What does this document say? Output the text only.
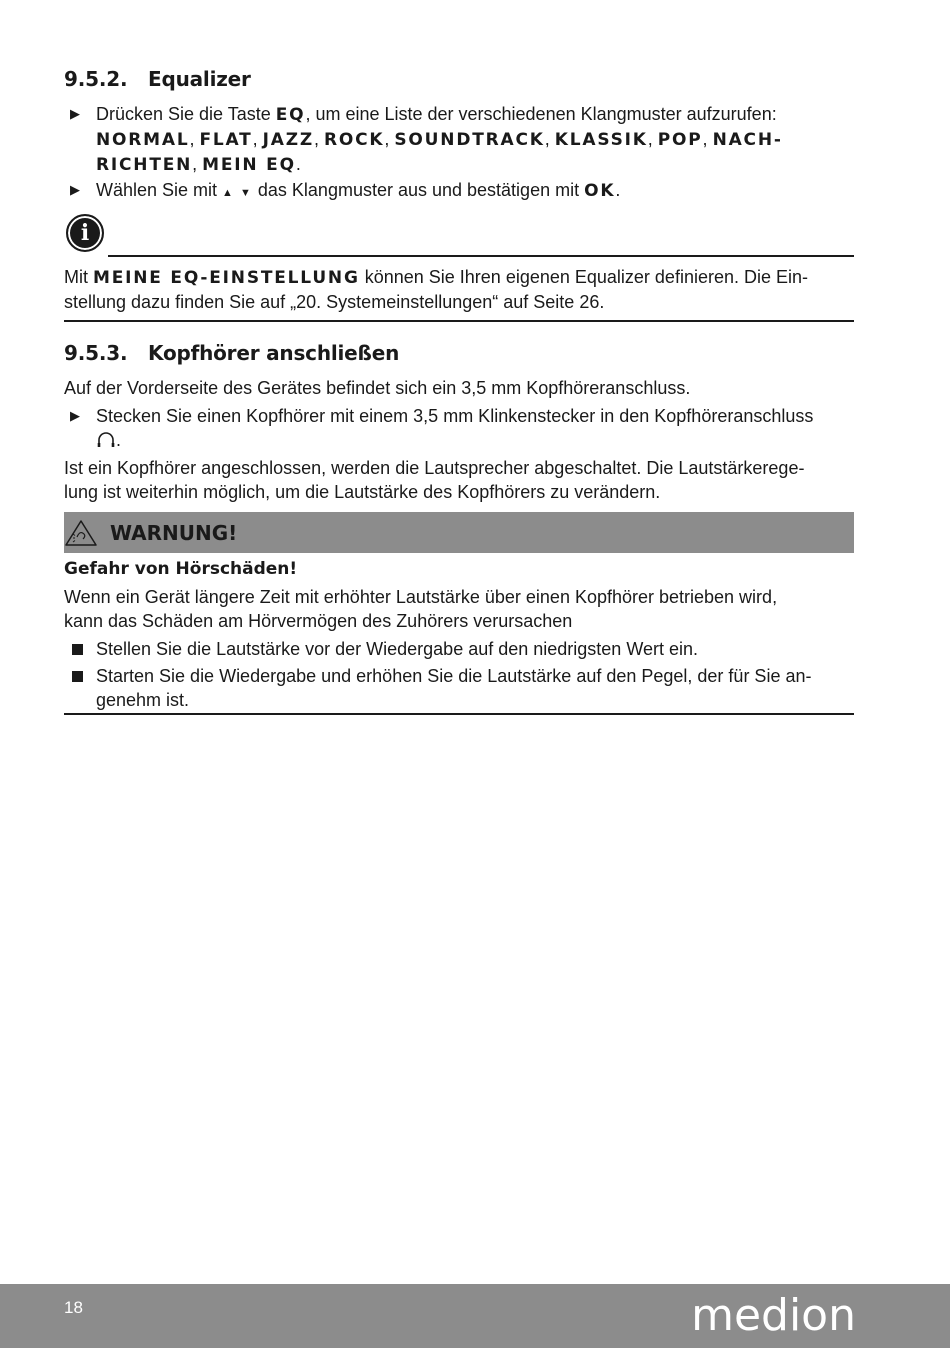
9.5.2. Equalizer
▶ Drücken Sie die Taste EQ, um eine Liste der verschiedenen Klangmuster aufzurufen:
NORMAL, FLAT, JAZZ, ROCK, SOUNDTRACK, KLASSIK, POP, NACH-
RICHTEN, MEIN EQ.
▶ Wählen Sie mit ▲ ▼ das Klangmuster aus und bestätigen mit OK.
i
Mit MEINE EQ-EINSTELLUNG können Sie Ihren eigenen Equalizer definieren. Die Ein-
stellung dazu finden Sie auf „20. Systemeinstellungen“ auf Seite 26.
9.5.3. Kopfhörer anschließen
Auf der Vorderseite des Gerätes befindet sich ein 3,5 mm Kopfhöreranschluss.
▶ Stecken Sie einen Kopfhörer mit einem 3,5 mm Klinkenstecker in den Kopfhöreranschluss
.
Ist ein Kopfhörer angeschlossen, werden die Lautsprecher abgeschaltet. Die Lautstärkerege-
lung ist weiterhin möglich, um die Lautstärke des Kopfhörers zu verändern.
WARNUNG!
Gefahr von Hörschäden!
Wenn ein Gerät längere Zeit mit erhöhter Lautstärke über einen Kopfhörer betrieben wird,
kann das Schäden am Hörvermögen des Zuhörers verursachen
Stellen Sie die Lautstärke vor der Wiedergabe auf den niedrigsten Wert ein.
Starten Sie die Wiedergabe und erhöhen Sie die Lautstärke auf den Pegel, der für Sie an-
genehm ist.
18	medion
